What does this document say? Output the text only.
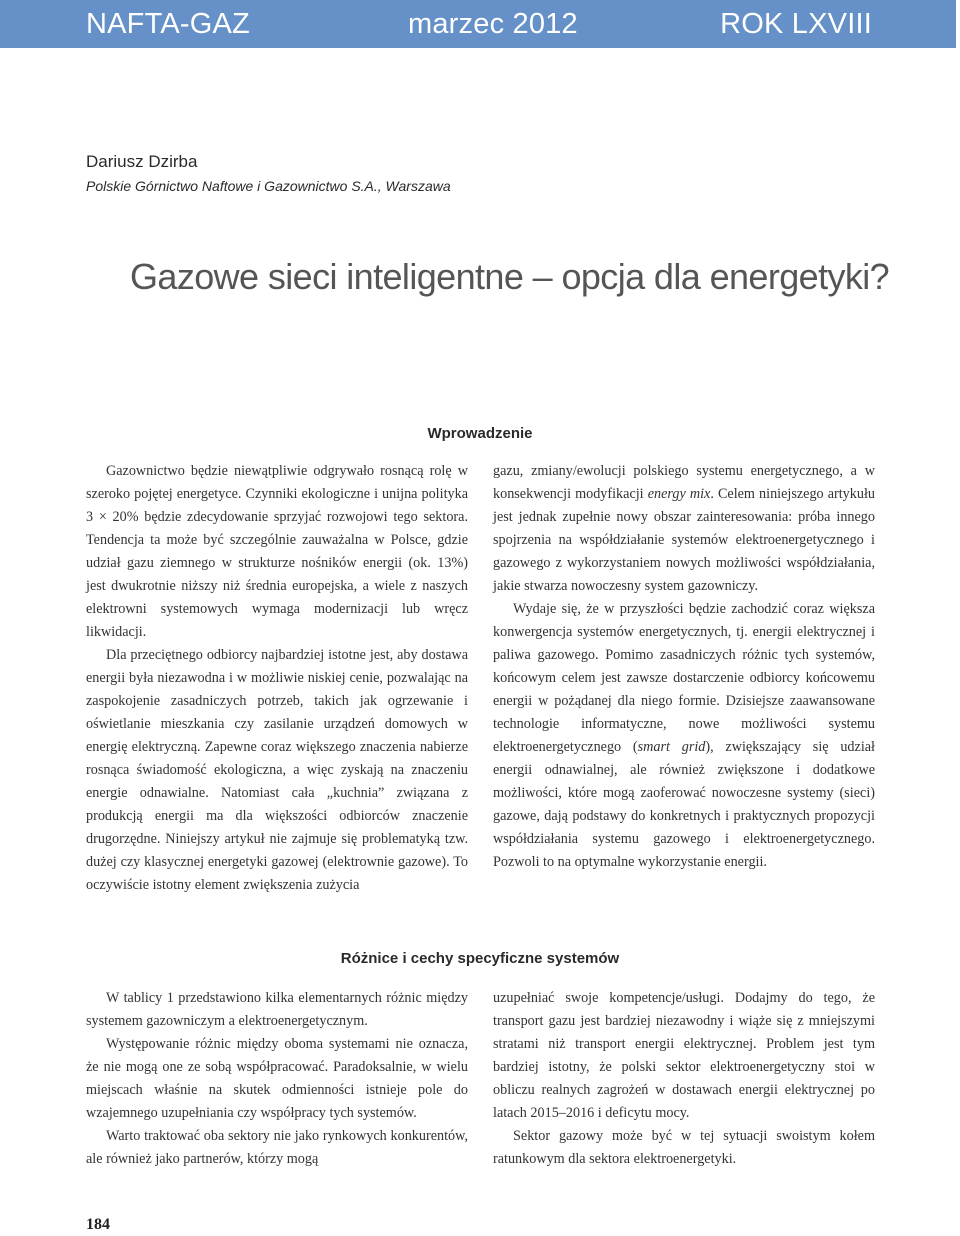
NAFTA-GAZ	marzec 2012	ROK LXVIII
Dariusz Dzirba
Polskie Górnictwo Naftowe i Gazownictwo S.A., Warszawa
Gazowe sieci inteligentne – opcja dla energetyki?
Wprowadzenie

Gazownictwo będzie niewątpliwie odgrywało rosnącą rolę w szeroko pojętej energetyce. Czynniki ekologiczne i unijna polityka 3 × 20% będzie zdecydowanie sprzyjać rozwojowi tego sektora. Tendencja ta może być szczególnie zauważalna w Polsce, gdzie udział gazu ziemnego w strukturze nośników energii (ok. 13%) jest dwukrotnie niższy niż średnia europejska, a wiele z naszych elektrowni systemowych wymaga modernizacji lub wręcz likwidacji.

Dla przeciętnego odbiorcy najbardziej istotne jest, aby dostawa energii była niezawodna i w możliwie niskiej cenie, pozwalając na zaspokojenie zasadniczych potrzeb, takich jak ogrzewanie i oświetlanie mieszkania czy zasilanie urządzeń domowych w energię elektryczną. Zapewne coraz większego znaczenia nabierze rosnąca świadomość ekologiczna, a więc zyskają na znaczeniu energie odnawialne. Natomiast cała „kuchnia” związana z produkcją energii ma dla większości odbiorców znaczenie drugorzędne. Niniejszy artykuł nie zajmuje się problematyką tzw. dużej czy klasycznej energetyki gazowej (elektrownie gazowe). To oczywiście istotny element zwiększenia zużycia

gazu, zmiany/ewolucji polskiego systemu energetycznego, a w konsekwencji modyfikacji energy mix. Celem niniejszego artykułu jest jednak zupełnie nowy obszar zainteresowania: próba innego spojrzenia na współdziałanie systemów elektroenergetycznego i gazowego z wykorzystaniem nowych możliwości współdziałania, jakie stwarza nowoczesny system gazowniczy.

Wydaje się, że w przyszłości będzie zachodzić coraz większa konwergencja systemów energetycznych, tj. energii elektrycznej i paliwa gazowego. Pomimo zasadniczych różnic tych systemów, końcowym celem jest zawsze dostarczenie odbiorcy końcowemu energii w pożądanej dla niego formie. Dzisiejsze zaawansowane technologie informatyczne, nowe możliwości systemu elektroenergetycznego (smart grid), zwiększający się udział energii odnawialnej, ale również zwiększone i dodatkowe możliwości, które mogą zaoferować nowoczesne systemy (sieci) gazowe, dają podstawy do konkretnych i praktycznych propozycji współdziałania systemu gazowego i elektroenergetycznego. Pozwoli to na optymalne wykorzystanie energii.

Różnice i cechy specyficzne systemów

W tablicy 1 przedstawiono kilka elementarnych różnic między systemem gazowniczym a elektroenergetycznym.

Występowanie różnic między oboma systemami nie oznacza, że nie mogą one ze sobą współpracować. Paradoksalnie, w wielu miejscach właśnie na skutek odmienności istnieje pole do wzajemnego uzupełniania czy współpracy tych systemów.

Warto traktować oba sektory nie jako rynkowych konkurentów, ale również jako partnerów, którzy mogą

uzupełniać swoje kompetencje/usługi. Dodajmy do tego, że transport gazu jest bardziej niezawodny i wiąże się z mniejszymi stratami niż transport energii elektrycznej. Problem jest tym bardziej istotny, że polski sektor elektroenergetyczny stoi w obliczu realnych zagrożeń w dostawach energii elektrycznej po latach 2015–2016 i deficytu mocy.

Sektor gazowy może być w tej sytuacji swoistym kołem ratunkowym dla sektora elektroenergetyki.

184
